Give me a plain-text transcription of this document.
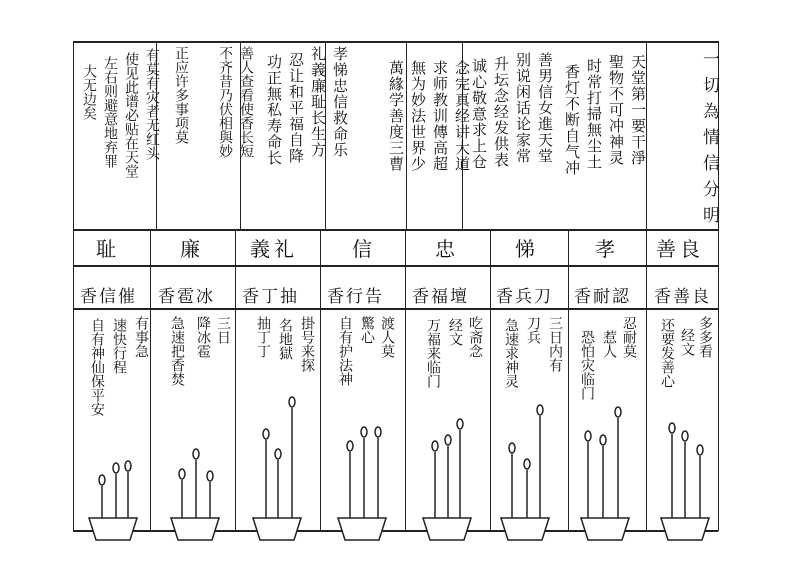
一切為情信分明
天堂第一要干淨
聖物不可冲神灵
时常打掃無尘土
香灯不断自气冲
善男信女進天堂
别说闲话论家常
升坛念经发供表
诚心敬意求上仓
念完真经讲大道
求师教训傳高超
無为妙法世界少
萬緣学善度三曹
孝悌忠信救命乐
礼義廉耻长生方
忍让和平福自降
功正無私寿命长
善人查看使香长短
不齐昔乃伏相與妙
正应许多事项莫
有莫有灾者无红头
使见此谱必贴在天堂
左右则避意地弃罪
大无边矣
善良
孝
悌
忠
信
義礼
廉
耻
香善良
香耐認
香兵刀
香福壇
香行告
香丁抽
香雹冰
香信催
多多看
经文
还要发善心
忍耐莫
惹人
恐怕灾临门
三日内有
刀兵
急速求神灵
吃斋念
经文
万福来临门
渡人莫
驚心
自有护法神
掛号来探
名地獄
抽丁丁
三日
降冰雹
急速把香焚
有事急
速快行程
自有神仙保平安
